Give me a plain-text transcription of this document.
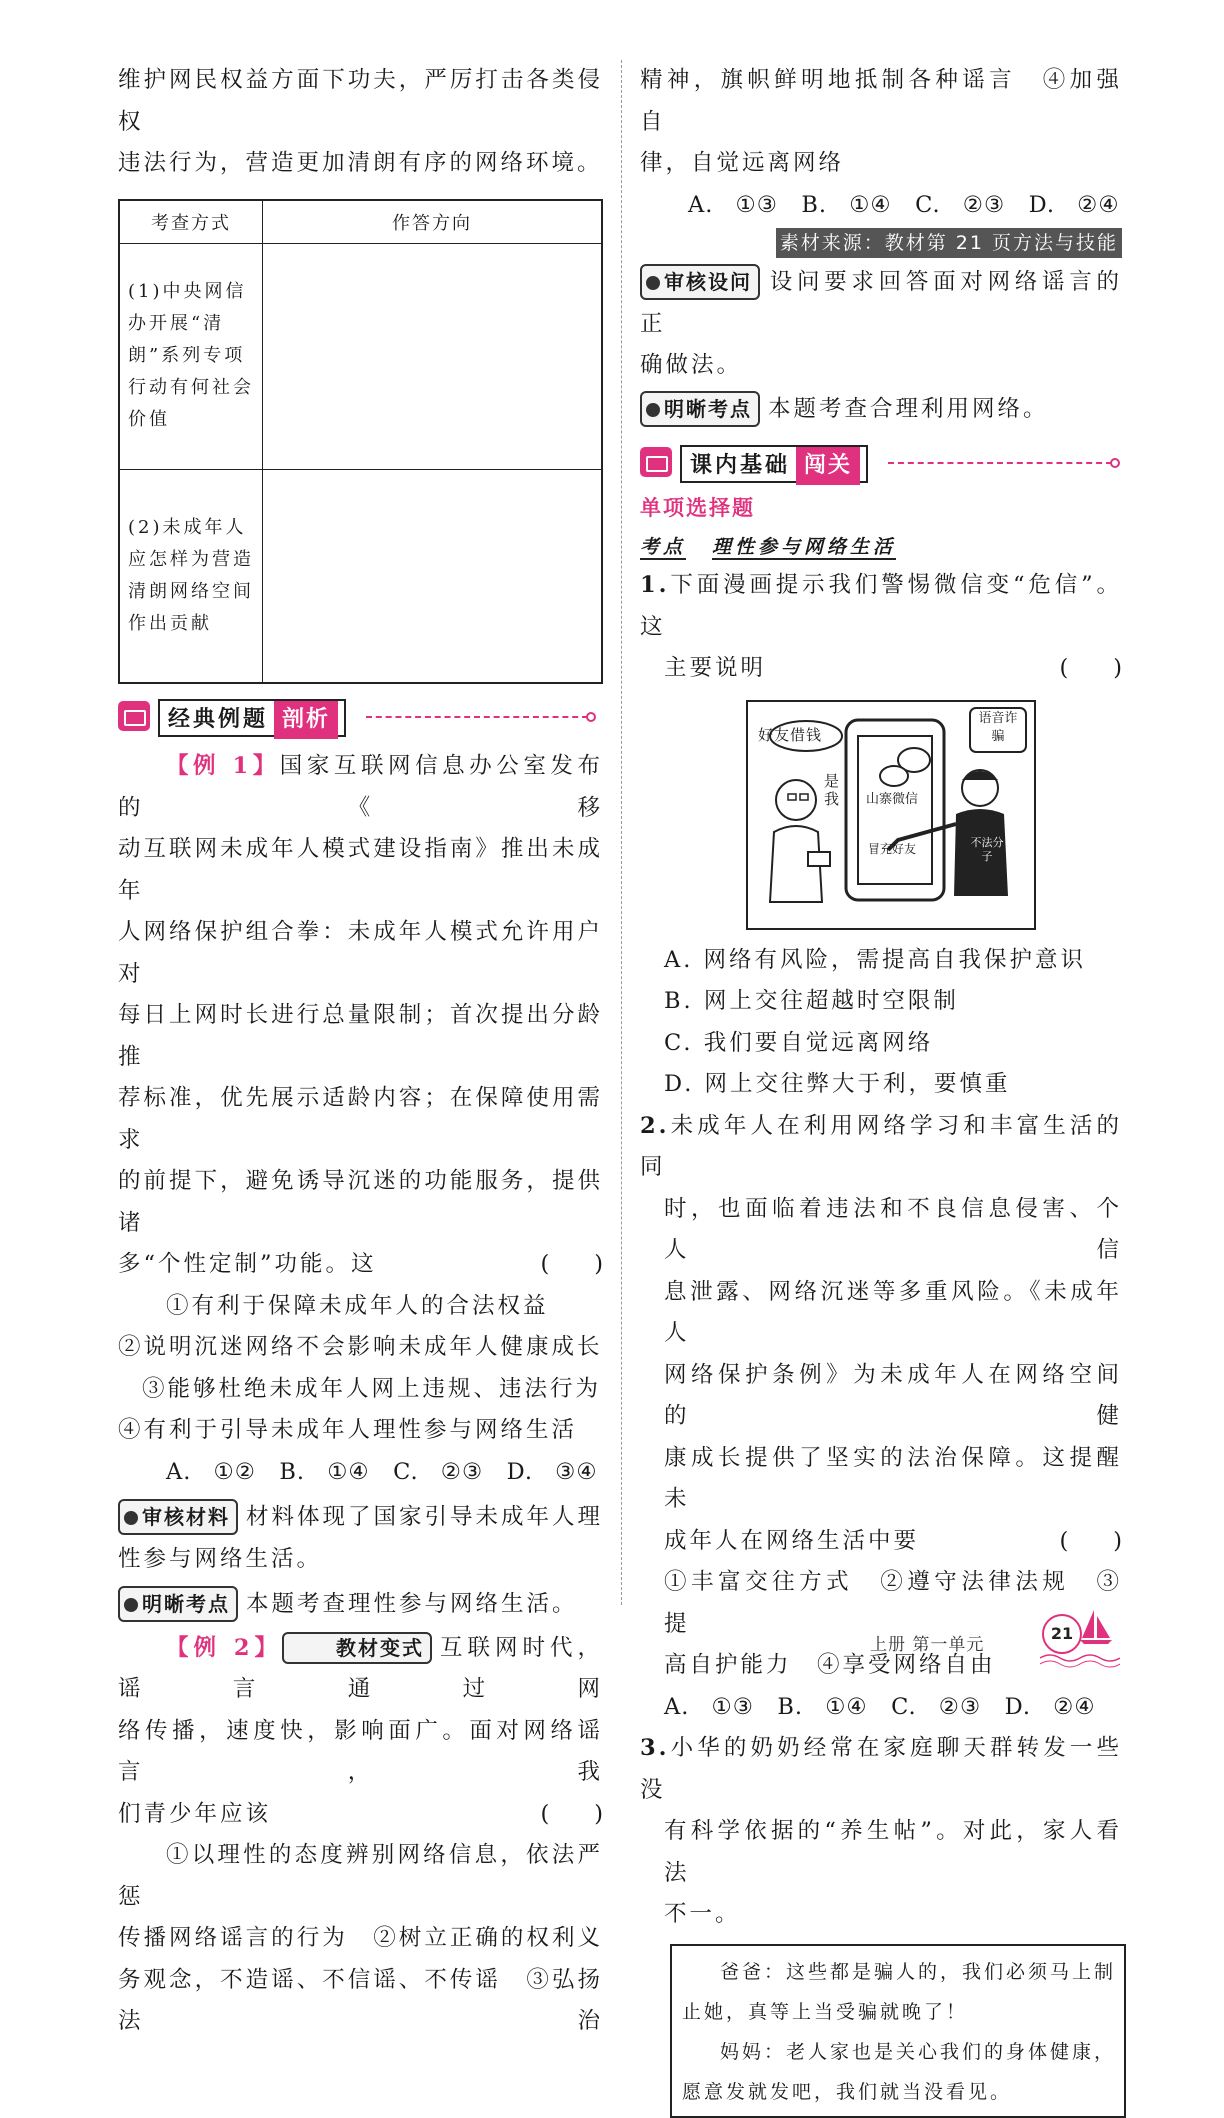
维护网民权益方面下功夫，严厉打击各类侵权

违法行为，营造更加清朗有序的网络环境。

考查方式	作答方向
(1)中央网信办开展“清朗”系列专项行动有何社会价值	
(2)未成年人应怎样为营造清朗网络空间作出贡献	
经典例题 剖析

【例 1】国家互联网信息办公室发布的《移

动互联网未成年人模式建设指南》推出未成年

人网络保护组合拳：未成年人模式允许用户对

每日上网时长进行总量限制；首次提出分龄推

荐标准，优先展示适龄内容；在保障使用需求

的前提下，避免诱导沉迷的功能服务，提供诸

多“个性定制”功能。这	(　　)

①有利于保障未成年人的合法权益

②说明沉迷网络不会影响未成年人健康成长

③能够杜绝未成年人网上违规、违法行为

④有利于引导未成年人理性参与网络生活

A. ①②　B. ①④　C. ②③　D. ③④

审核材料 材料体现了国家引导未成年人理

性参与网络生活。

明晰考点 本题考查理性参与网络生活。

【例 2】	教材变式 互联网时代，谣言通过网

络传播，速度快，影响面广。面对网络谣言，我

们青少年应该	(　　)

①以理性的态度辨别网络信息，依法严惩

传播网络谣言的行为　②树立正确的权利义

务观念，不造谣、不信谣、不传谣　③弘扬法治

精神，旗帜鲜明地抵制各种谣言　④加强自

律，自觉远离网络

A. ①③　B. ①④　C. ②③　D. ②④

素材来源：教材第 21 页方法与技能

审核设问 设问要求回答面对网络谣言的正

确做法。

明晰考点 本题考查合理利用网络。

课内基础 闯关
单项选择题
考点 理性参与网络生活

1.下面漫画提示我们警惕微信变“危信”。这

主要说明	(　　)

好友借钱
语音诈骗
是我 山寨微信
冒充好友	不法分子

A. 网络有风险，需提高自我保护意识

B. 网上交往超越时空限制

C. 我们要自觉远离网络

D. 网上交往弊大于利，要慎重

2.未成年人在利用网络学习和丰富生活的同

时，也面临着违法和不良信息侵害、个人信

息泄露、网络沉迷等多重风险。《未成年人

网络保护条例》为未成年人在网络空间的健

康成长提供了坚实的法治保障。这提醒未

成年人在网络生活中要	(　　)

①丰富交往方式　②遵守法律法规　③提

高自护能力　④享受网络自由

A. ①③　B. ①④　C. ②③　D. ②④

3.小华的奶奶经常在家庭聊天群转发一些没

有科学依据的“养生帖”。对此，家人看法

不一。

爸爸：这些都是骗人的，我们必须马上制

止她，真等上当受骗就晚了！

妈妈：老人家也是关心我们的身体健康，

愿意发就发吧，我们就当没看见。

上册 第一单元
21
